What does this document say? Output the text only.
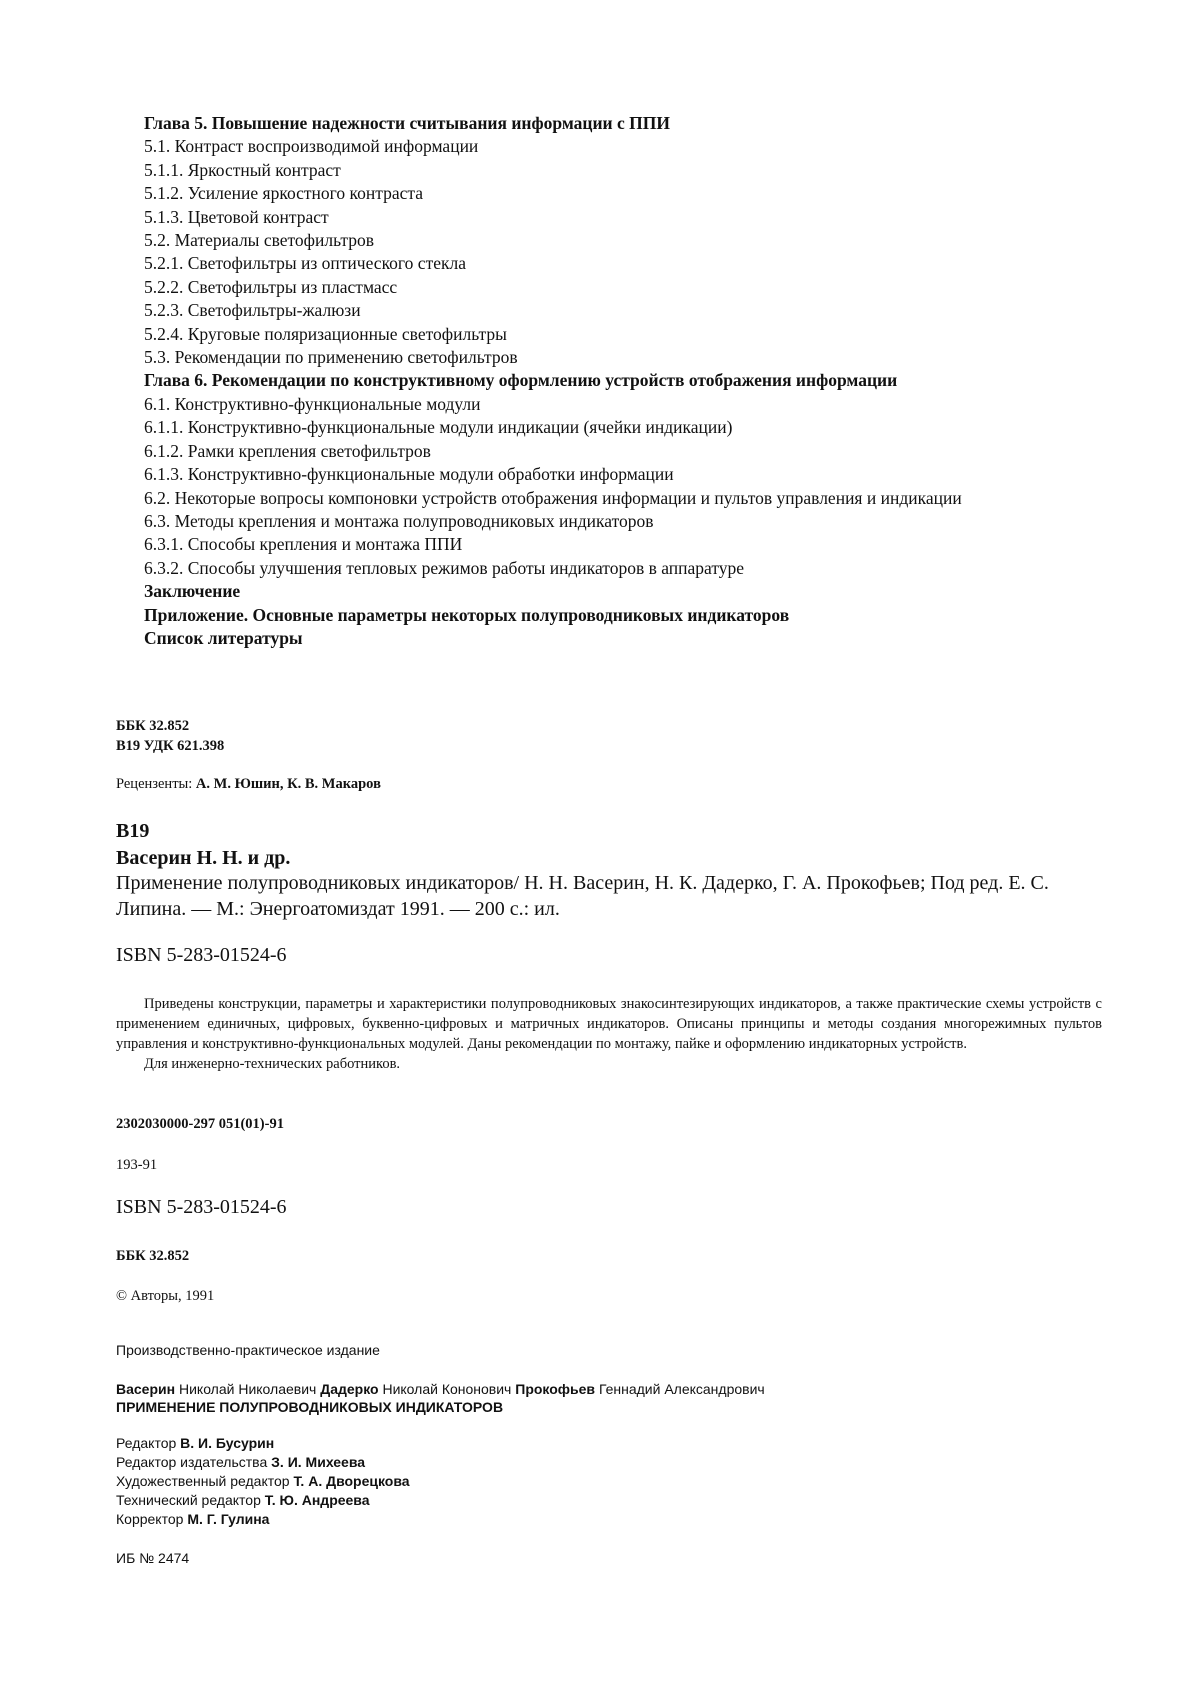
Глава 5. Повышение надежности считывания информации с ППИ
5.1. Контраст воспроизводимой информации
5.1.1. Яркостный контраст
5.1.2. Усиление яркостного контраста
5.1.3. Цветовой контраст
5.2. Материалы светофильтров
5.2.1. Светофильтры из оптического стекла
5.2.2. Светофильтры из пластмасс
5.2.3. Светофильтры-жалюзи
5.2.4. Круговые поляризационные светофильтры
5.3. Рекомендации по применению светофильтров
Глава 6. Рекомендации по конструктивному оформлению устройств отображения информации
6.1. Конструктивно-функциональные модули
6.1.1. Конструктивно-функциональные модули индикации (ячейки индикации)
6.1.2. Рамки крепления светофильтров
6.1.3. Конструктивно-функциональные модули обработки информации
6.2. Некоторые вопросы компоновки устройств отображения информации и пультов управления и индикации
6.3. Методы крепления и монтажа полупроводниковых индикаторов
6.3.1. Способы крепления и монтажа ППИ
6.3.2. Способы улучшения тепловых режимов работы индикаторов в аппаратуре
Заключение
Приложение. Основные параметры некоторых полупроводниковых индикаторов
Список литературы
ББК 32.852
В19 УДК 621.398
Рецензенты: А. М. Юшин, К. В. Макаров
В19
Васерин Н. Н. и др.
Применение полупроводниковых индикаторов/ Н. Н. Васерин, Н. К. Дадерко, Г. А. Прокофьев; Под ред. Е. С. Липина. — М.: Энергоатомиздат 1991. — 200 с.: ил.
ISBN 5-283-01524-6

Приведены конструкции, параметры и характеристики полупроводниковых знакосинтезирующих индикаторов, а также практические схемы устройств с применением единичных, цифровых, буквенно-цифровых и матричных индикаторов. Описаны принципы и методы создания многорежимных пультов управления и конструктивно-функциональных модулей. Даны рекомендации по монтажу, пайке и оформлению индикаторных устройств.

Для инженерно-технических работников.

2302030000-297 051(01)-91
193-91
ISBN 5-283-01524-6
ББК 32.852
© Авторы, 1991
Производственно-практическое издание
Васерин Николай Николаевич Дадерко Николай Кононович Прокофьев Геннадий Александрович
ПРИМЕНЕНИЕ ПОЛУПРОВОДНИКОВЫХ ИНДИКАТОРОВ
Редактор В. И. Бусурин
Редактор издательства З. И. Михеева
Художественный редактор Т. А. Дворецкова
Технический редактор Т. Ю. Андреева
Корректор М. Г. Гулина
ИБ № 2474
